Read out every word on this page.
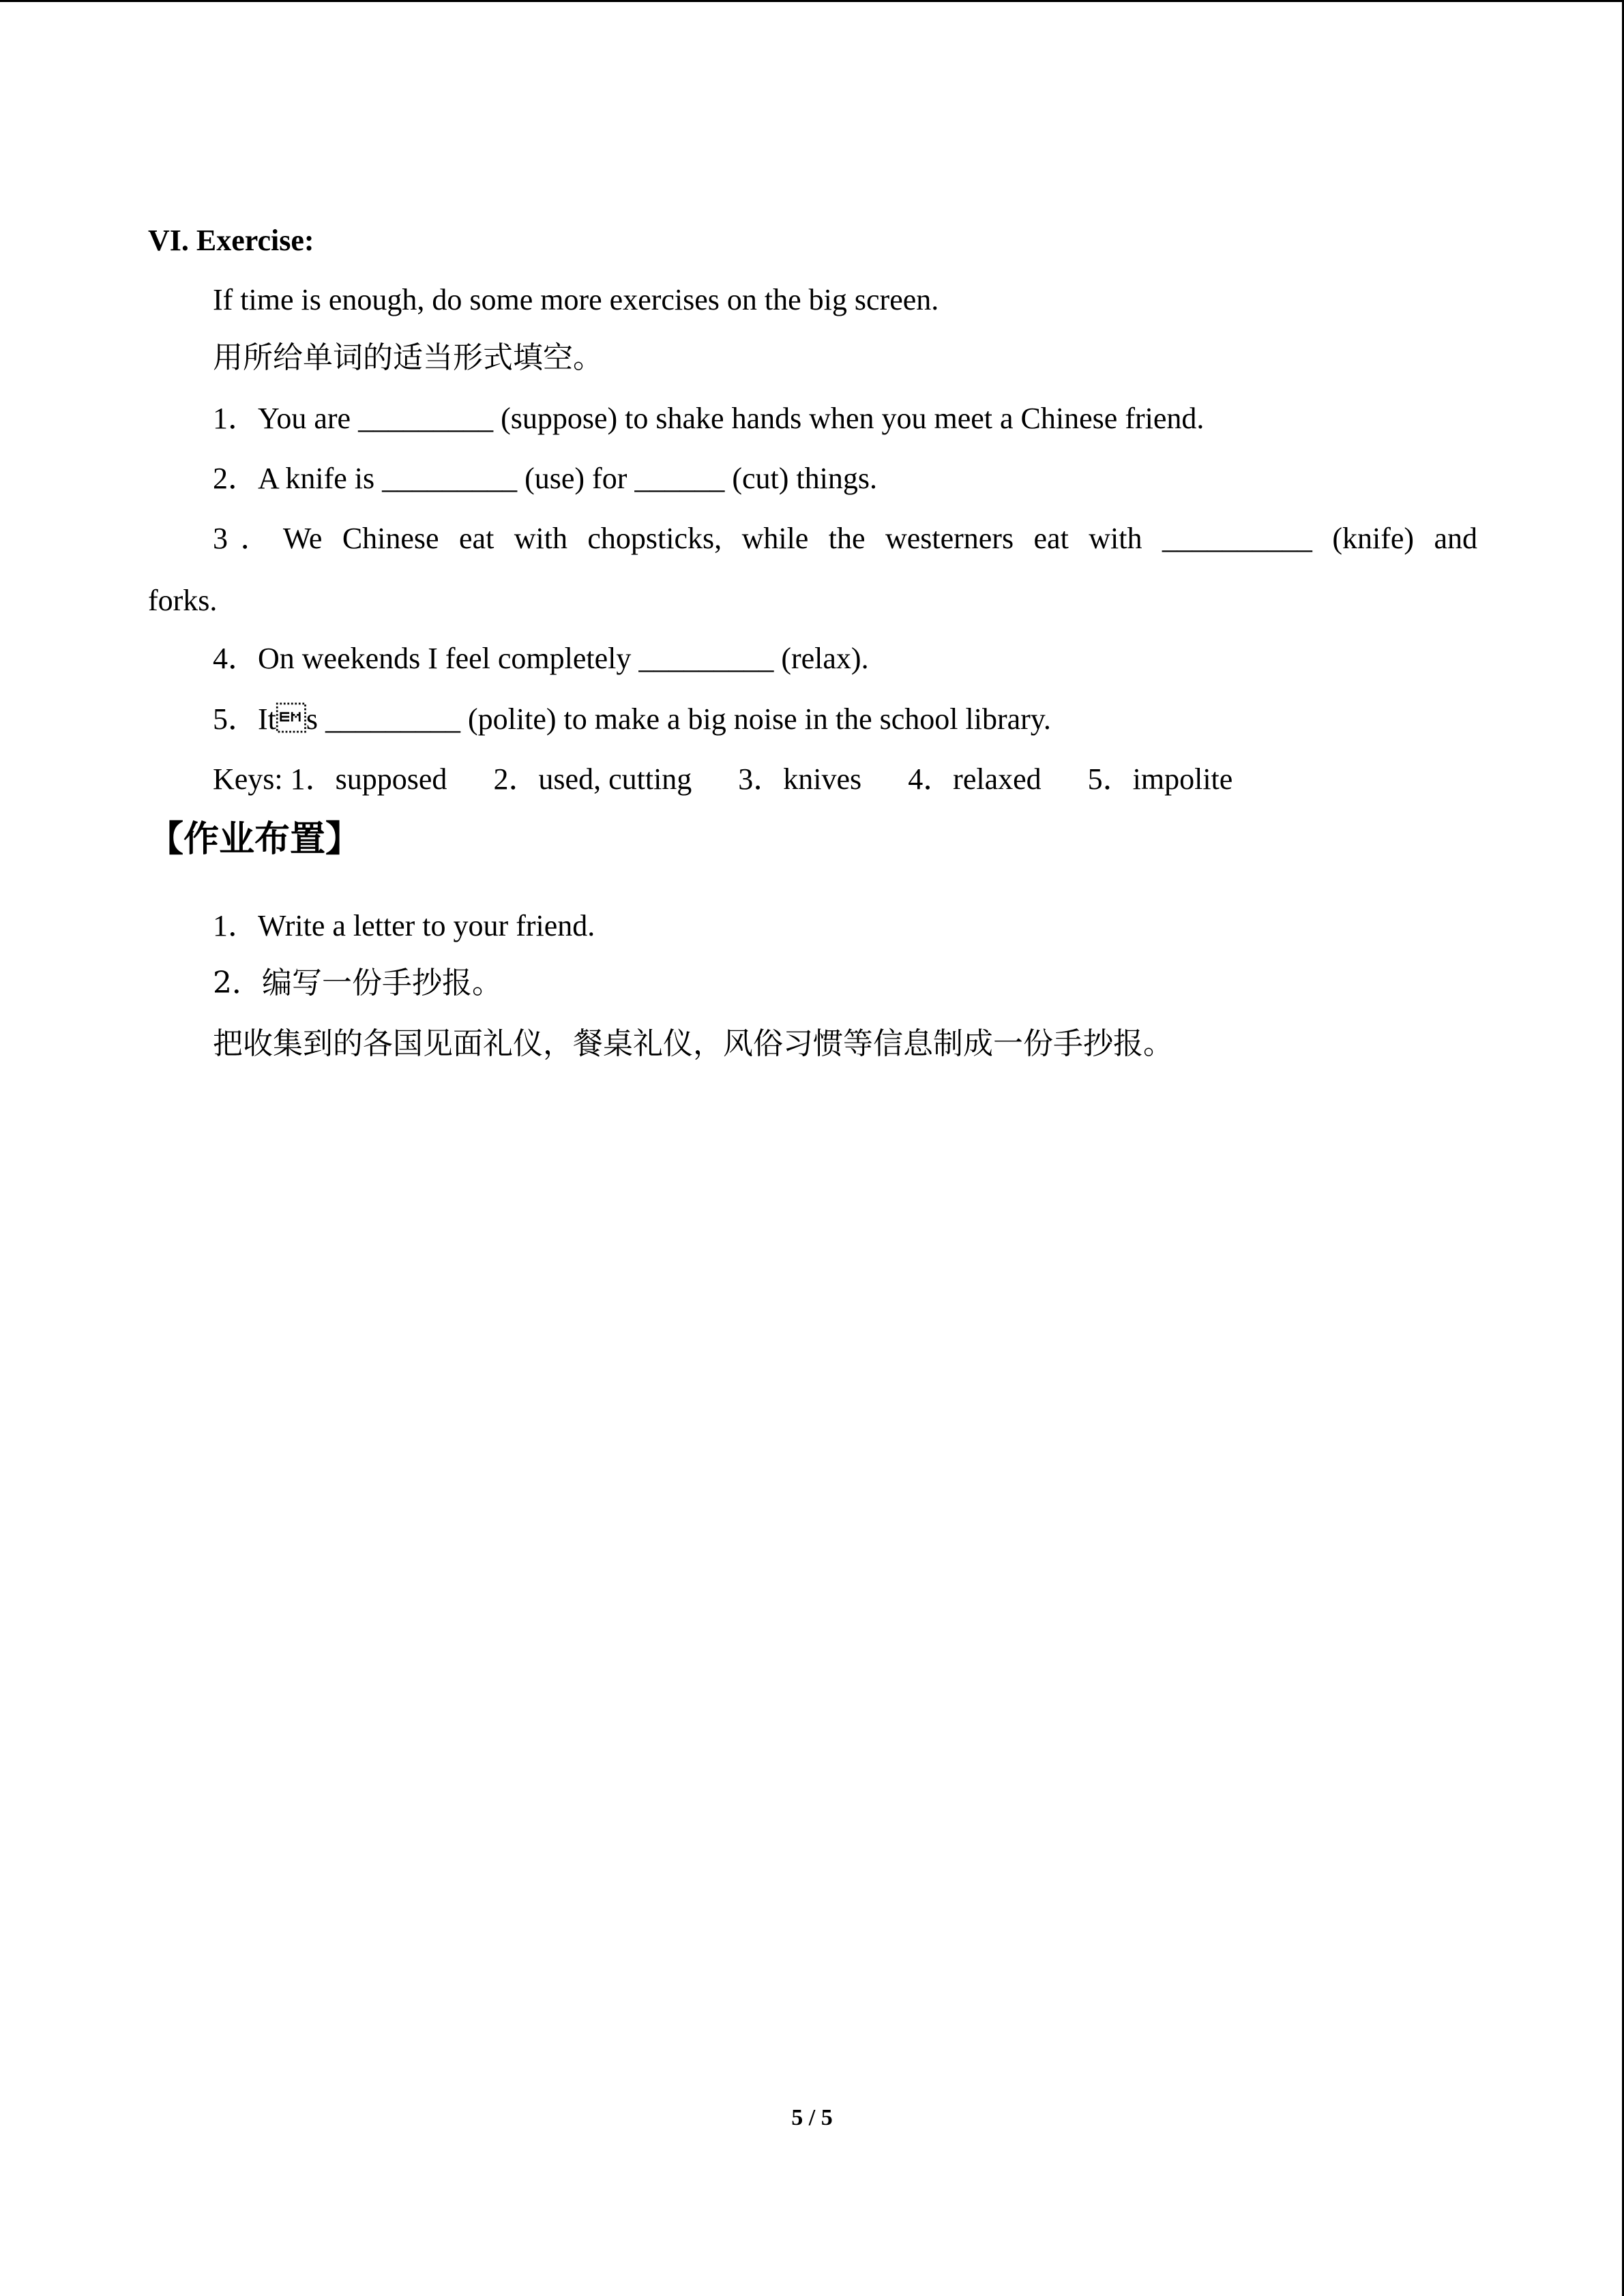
VI. Exercise:

If time is enough, do some more exercises on the big screen.

用所给单词的适当形式填空。

1．You are _________ (suppose) to shake hands when you meet a Chinese friend.

2．A knife is _________ (use) for ______ (cut) things.

3．We Chinese eat with chopsticks, while the westerners eat with __________ (knife) and

forks.

4．On weekends I feel completely _________ (relax).

5．Its _________ (polite) to make a big noise in the school library.

Keys: 1．supposed 2．used, cutting 3．knives 4．relaxed 5．impolite

【作业布置】

1．Write a letter to your friend.

2．编写一份手抄报。

把收集到的各国见面礼仪，餐桌礼仪，风俗习惯等信息制成一份手抄报。

5 / 5
